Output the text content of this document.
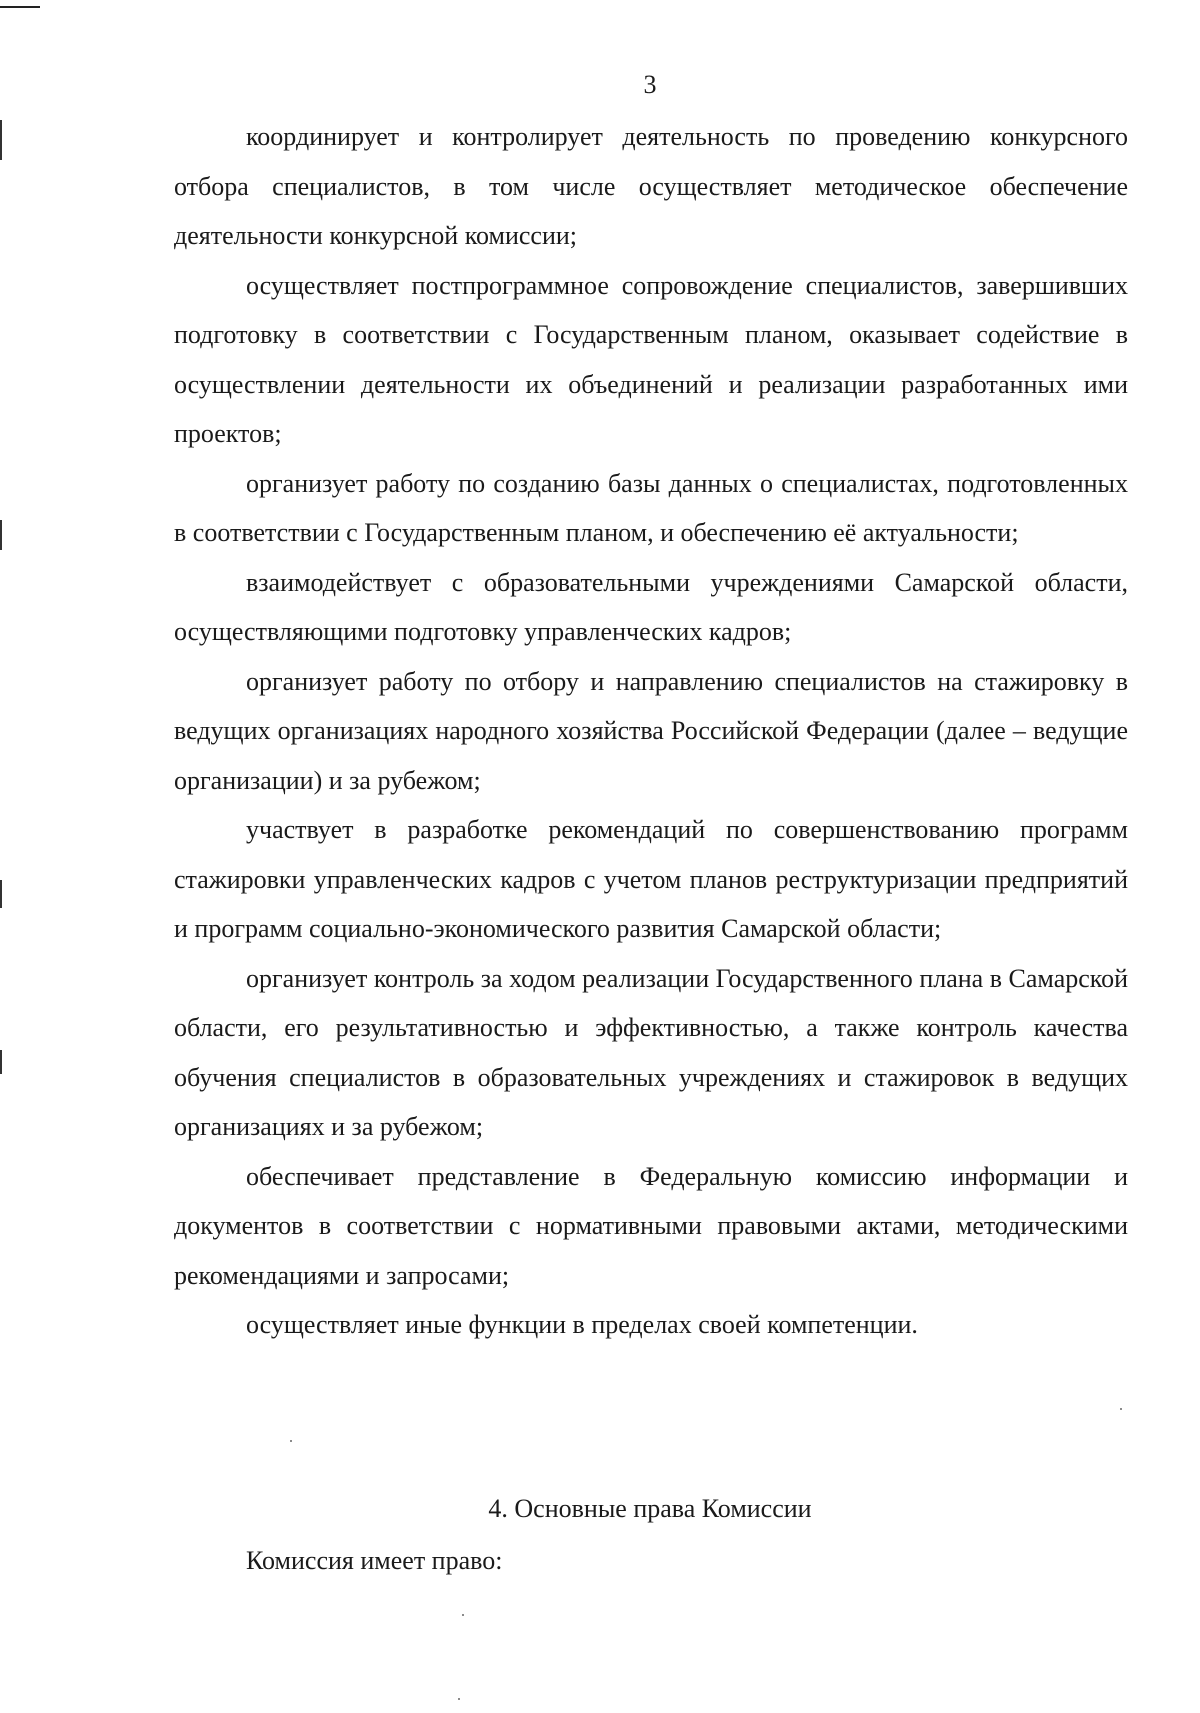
3

координирует и контролирует деятельность по проведению конкурсного отбора специалистов, в том числе осуществляет методическое обеспечение деятельности конкурсной комиссии;

осуществляет постпрограммное сопровождение специалистов, завершивших подготовку в соответствии с Государственным планом, оказывает содействие в осуществлении деятельности их объединений и реализации разработанных ими проектов;

организует работу по созданию базы данных о специалистах, подготовленных в соответствии с Государственным планом, и обеспечению её актуальности;

взаимодействует с образовательными учреждениями Самарской области, осуществляющими подготовку управленческих кадров;

организует работу по отбору и направлению специалистов на стажировку в ведущих организациях народного хозяйства Российской Федерации (далее – ведущие организации) и за рубежом;

участвует в разработке рекомендаций по совершенствованию программ стажировки управленческих кадров с учетом планов реструктуризации предприятий и программ социально-экономического развития Самарской области;

организует контроль за ходом реализации Государственного плана в Самарской области, его результативностью и эффективностью, а также контроль качества обучения специалистов в образовательных учреждениях и стажировок в ведущих организациях и за рубежом;

обеспечивает представление в Федеральную комиссию информации и документов в соответствии с нормативными правовыми актами, методическими рекомендациями и запросами;

осуществляет иные функции в пределах своей компетенции.

4. Основные права Комиссии
Комиссия имеет право:
